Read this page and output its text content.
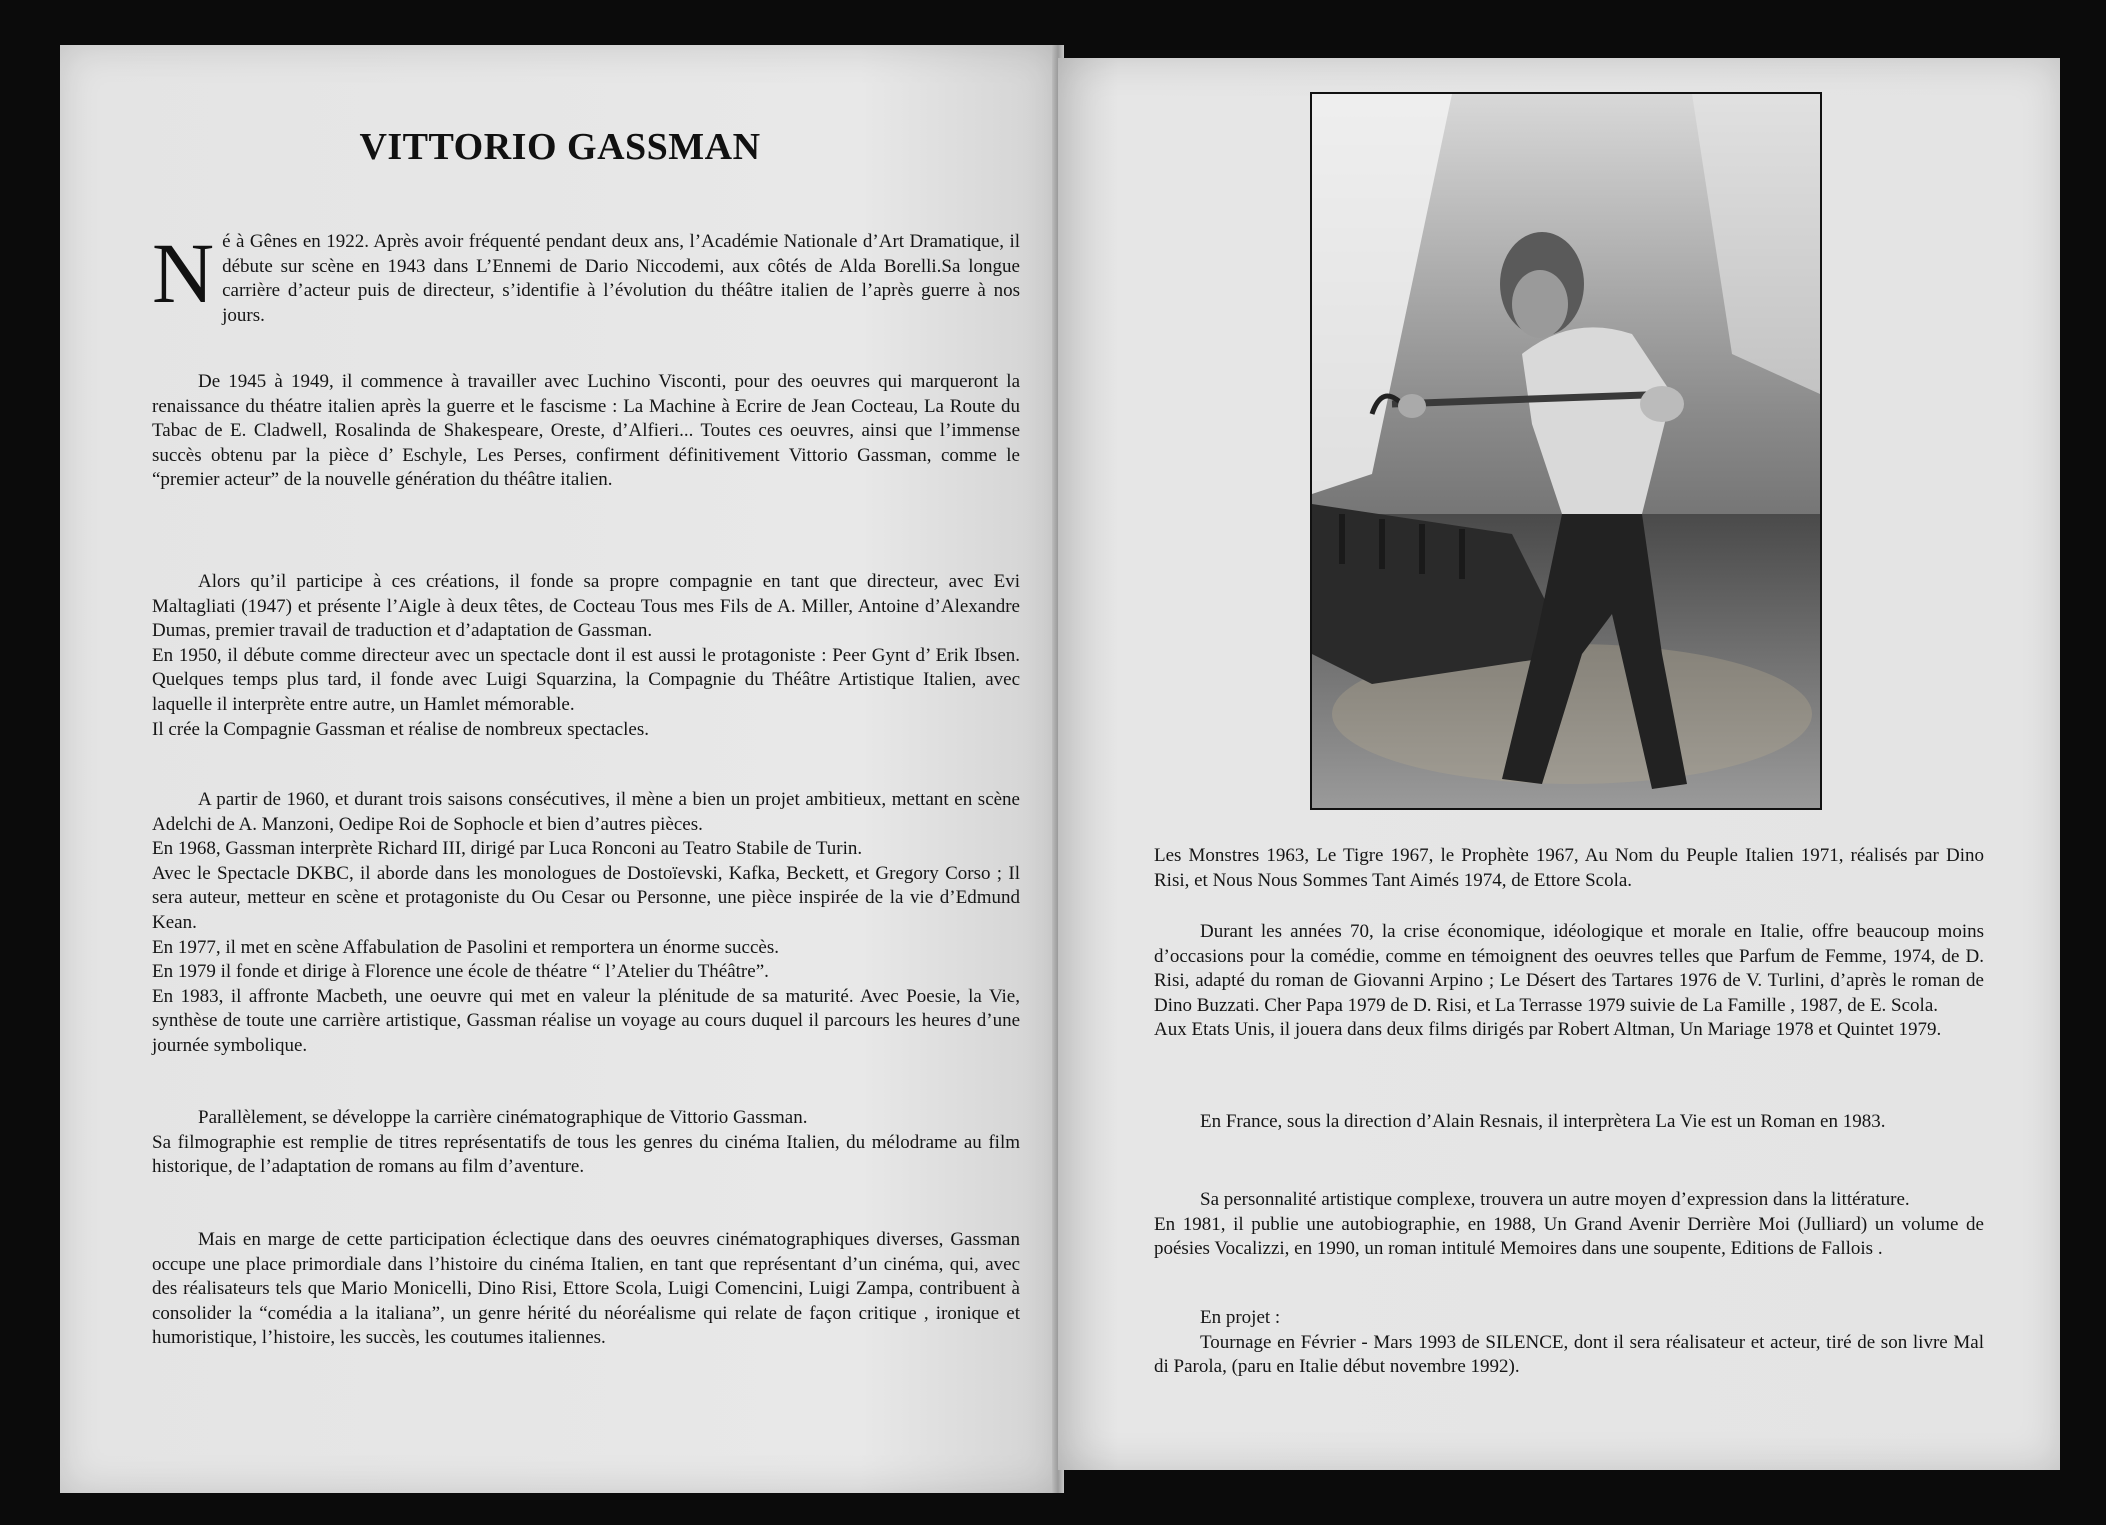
VITTORIO GASSMAN
N é à Gênes en 1922. Après avoir fréquenté pendant deux ans, l’Académie Nationale d’Art Dramatique, il débute sur scène en 1943 dans L’Ennemi de Dario Niccodemi, aux côtés de Alda Borelli.Sa longue carrière d’acteur puis de directeur, s’identifie à l’évolution du théâtre italien de l’après guerre à nos jours.

De 1945 à 1949, il commence à travailler avec Luchino Visconti, pour des oeuvres qui marqueront la renaissance du théatre italien après la guerre et le fascisme : La Machine à Ecrire de Jean Cocteau, La Route du Tabac de E. Cladwell, Rosalinda de Shakespeare, Oreste, d’Alfieri... Toutes ces oeuvres, ainsi que l’immense succès obtenu par la pièce d’ Eschyle, Les Perses, confirment définitivement Vittorio Gassman, comme le “premier acteur” de la nouvelle génération du théâtre italien.

Alors qu’il participe à ces créations, il fonde sa propre compagnie en tant que directeur, avec Evi Maltagliati (1947) et présente l’Aigle à deux têtes, de Cocteau Tous mes Fils de A. Miller, Antoine d’Alexandre Dumas, premier travail de traduction et d’adaptation de Gassman.

En 1950, il débute comme directeur avec un spectacle dont il est aussi le protagoniste : Peer Gynt d’ Erik Ibsen. Quelques temps plus tard, il fonde avec Luigi Squarzina, la Compagnie du Théâtre Artistique Italien, avec laquelle il interprète entre autre, un Hamlet mémorable.

Il crée la Compagnie Gassman et réalise de nombreux spectacles.

A partir de 1960, et durant trois saisons consécutives, il mène a bien un projet ambitieux, mettant en scène Adelchi de A. Manzoni, Oedipe Roi de Sophocle et bien d’autres pièces.

En 1968, Gassman interprète Richard III, dirigé par Luca Ronconi au Teatro Stabile de Turin.

Avec le Spectacle DKBC, il aborde dans les monologues de Dostoïevski, Kafka, Beckett, et Gregory Corso ; Il sera auteur, metteur en scène et protagoniste du Ou Cesar ou Personne, une pièce inspirée de la vie d’Edmund Kean.

En 1977, il met en scène Affabulation de Pasolini et remportera un énorme succès.

En 1979 il fonde et dirige à Florence une école de théatre “ l’Atelier du Théâtre”.

En 1983, il affronte Macbeth, une oeuvre qui met en valeur la plénitude de sa maturité. Avec Poesie, la Vie, synthèse de toute une carrière artistique, Gassman réalise un voyage au cours duquel il parcours les heures d’une journée symbolique.

Parallèlement, se développe la carrière cinématographique de Vittorio Gassman.

Sa filmographie est remplie de titres représentatifs de tous les genres du cinéma Italien, du mélodrame au film historique, de l’adaptation de romans au film d’aventure.

Mais en marge de cette participation éclectique dans des oeuvres cinématographiques diverses, Gassman occupe une place primordiale dans l’histoire du cinéma Italien, en tant que représentant d’un cinéma, qui, avec des réalisateurs tels que Mario Monicelli, Dino Risi, Ettore Scola, Luigi Comencini, Luigi Zampa, contribuent à consolider la “comédia a la italiana”, un genre hérité du néoréalisme qui relate de façon critique , ironique et humoristique, l’histoire, les succès, les coutumes italiennes.

Les Monstres 1963, Le Tigre 1967, le Prophète 1967, Au Nom du Peuple Italien 1971, réalisés par Dino Risi, et Nous Nous Sommes Tant Aimés 1974, de Ettore Scola.

Durant les années 70, la crise économique, idéologique et morale en Italie, offre beaucoup moins d’occasions pour la comédie, comme en témoignent des oeuvres telles que Parfum de Femme, 1974, de D. Risi, adapté du roman de Giovanni Arpino ; Le Désert des Tartares 1976 de V. Turlini, d’après le roman de Dino Buzzati. Cher Papa 1979 de D. Risi, et La Terrasse 1979 suivie de La Famille , 1987, de E. Scola.

Aux Etats Unis, il jouera dans deux films dirigés par Robert Altman, Un Mariage 1978 et Quintet 1979.

En France, sous la direction d’Alain Resnais, il interprètera La Vie est un Roman en 1983.

Sa personnalité artistique complexe, trouvera un autre moyen d’expression dans la littérature.

En 1981, il publie une autobiographie, en 1988, Un Grand Avenir Derrière Moi (Julliard) un volume de poésies Vocalizzi, en 1990, un roman intitulé Memoires dans une soupente, Editions de Fallois .

En projet :

Tournage en Février - Mars 1993 de SILENCE, dont il sera réalisateur et acteur, tiré de son livre Mal di Parola, (paru en Italie début novembre 1992).
